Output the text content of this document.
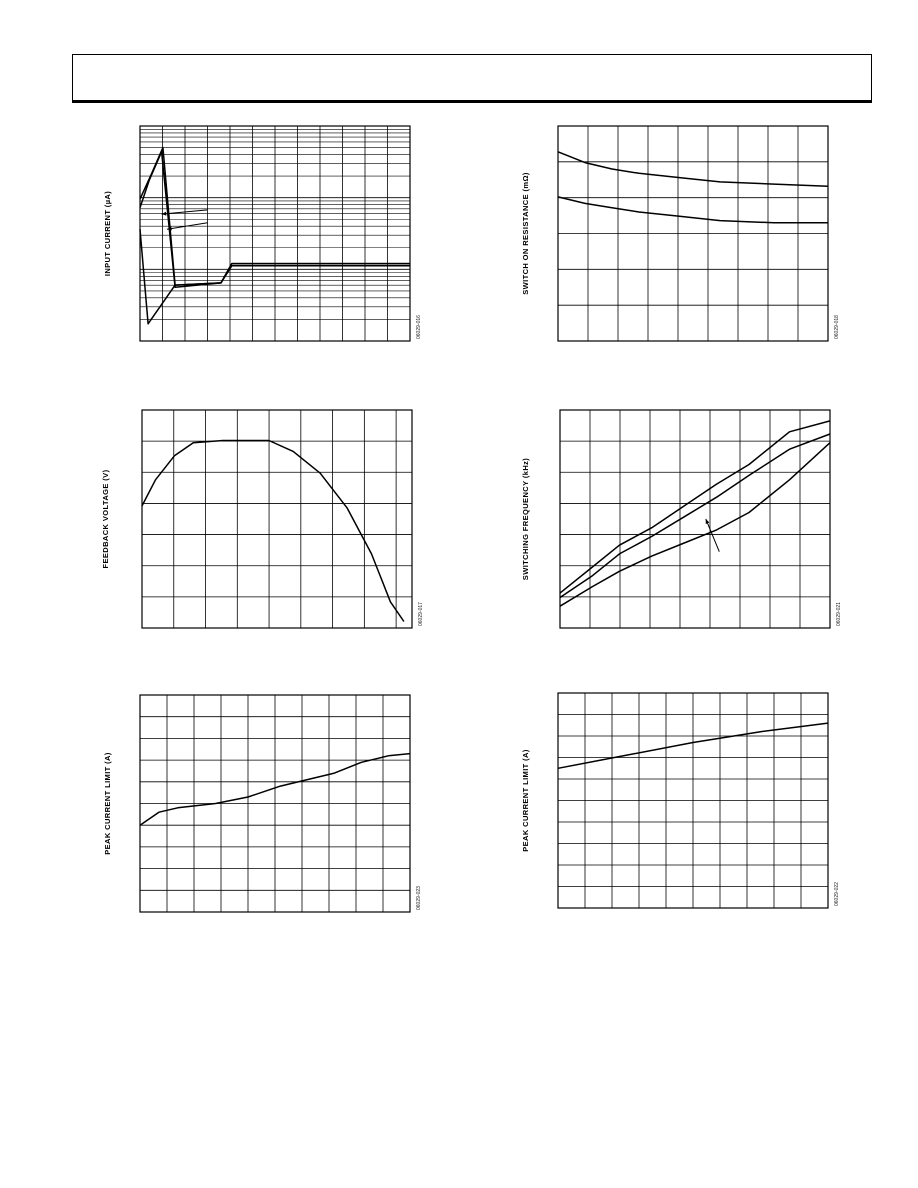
INPUT CURRENT (µA)
06029-016
SWITCH ON RESISTANCE (mΩ)
06029-018
FEEDBACK VOLTAGE (V)
06029-017
SWITCHING FREQUENCY (kHz)
06029-021
PEAK CURRENT LIMIT (A)
06029-023
PEAK CURRENT LIMIT (A)
06029-022
